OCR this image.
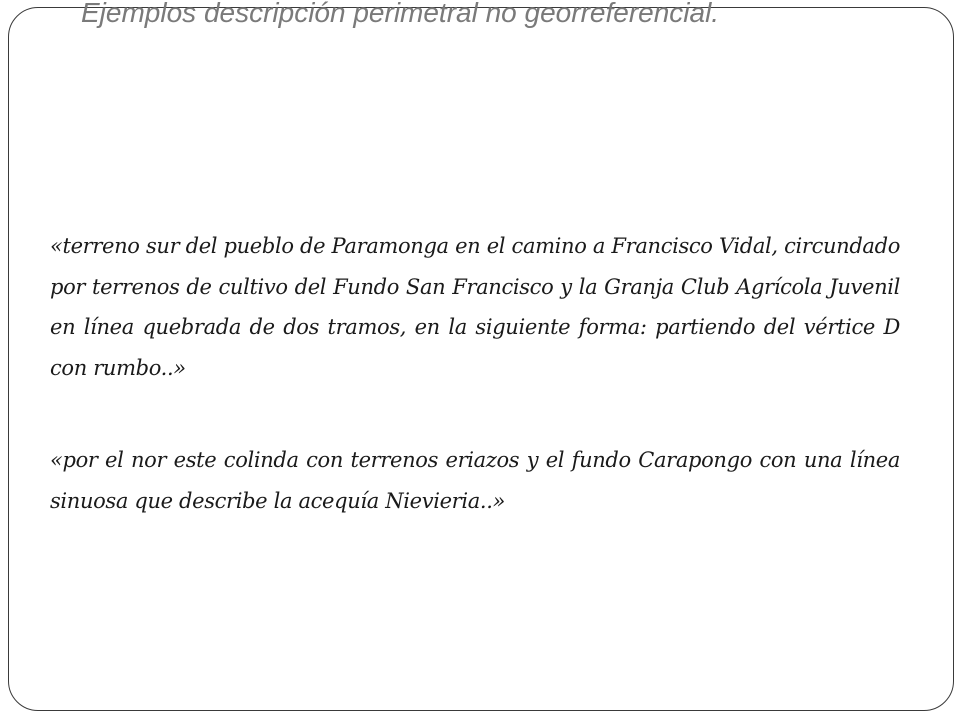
Ejemplos descripción perimetral no georreferencial.

«terreno sur del pueblo de Paramonga en el camino a Francisco Vidal, circundado por terrenos de cultivo del Fundo San Francisco y la Granja Club Agrícola Juvenil en línea quebrada de dos tramos, en la siguiente forma: partiendo del vértice D con rumbo..»

«por el nor este colinda con terrenos eriazos y el fundo Carapongo con una línea sinuosa que describe la acequía Nievieria..»
